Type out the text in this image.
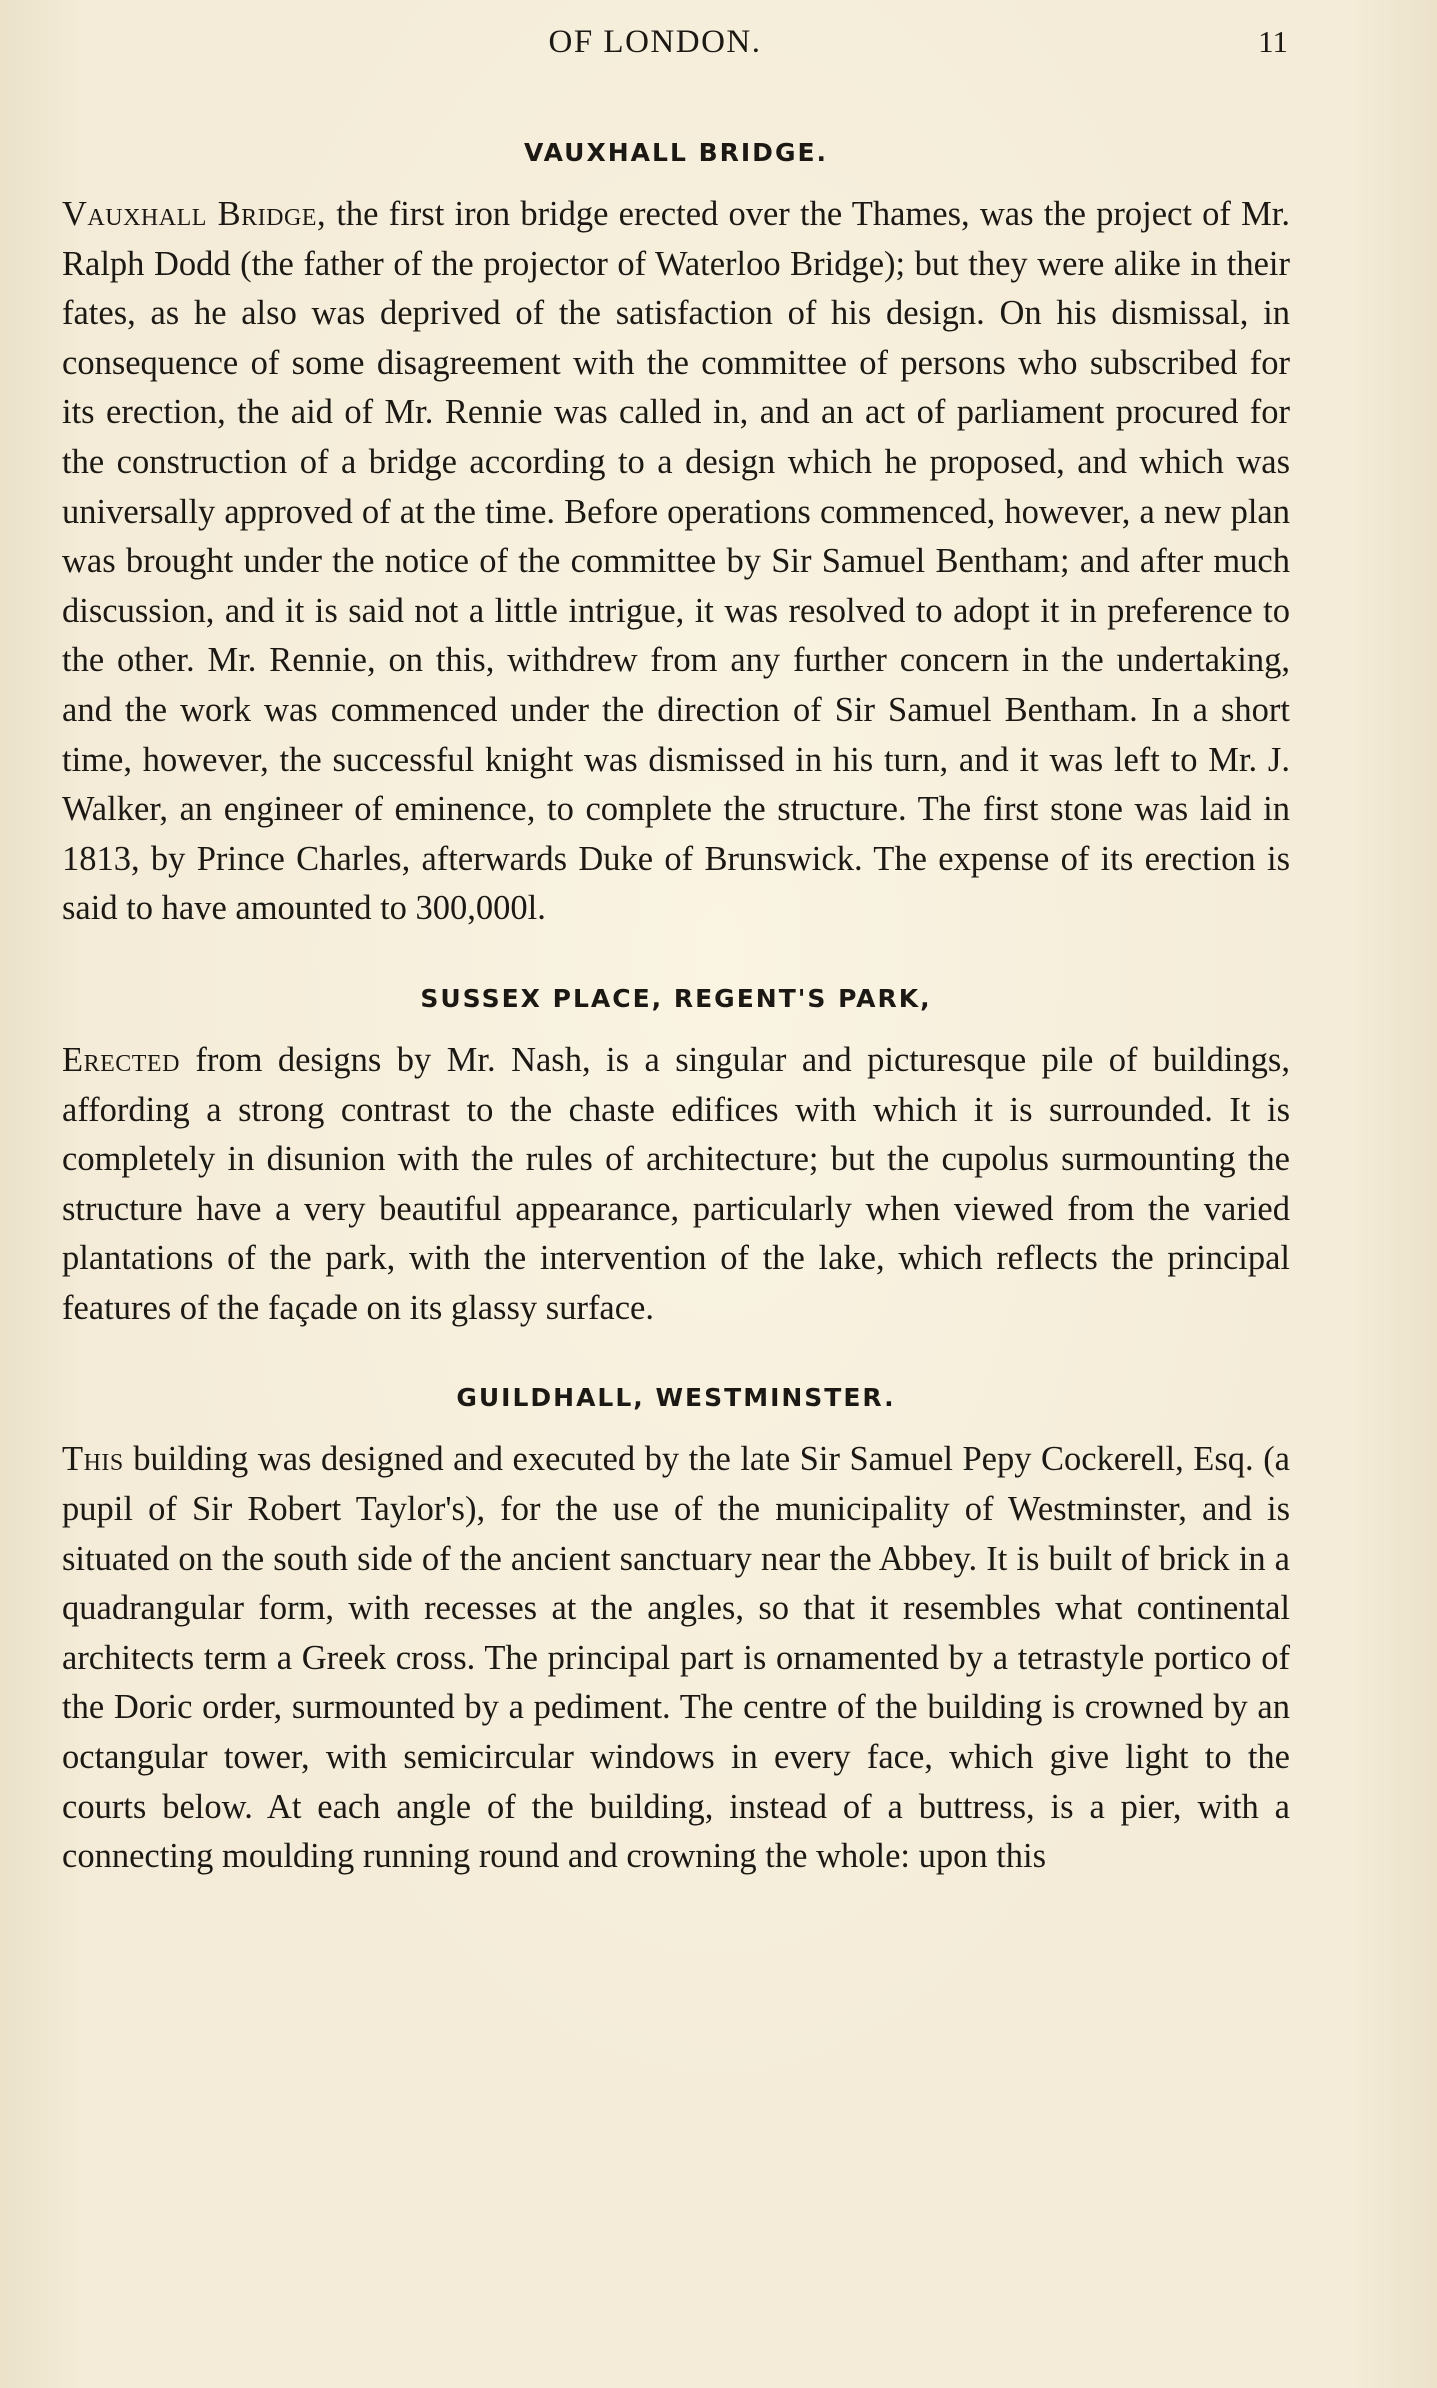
OF LONDON.	11
VAUXHALL BRIDGE.

Vauxhall Bridge, the first iron bridge erected over the Thames, was the project of Mr. Ralph Dodd (the father of the projector of Waterloo Bridge); but they were alike in their fates, as he also was deprived of the satisfaction of his design. On his dismissal, in consequence of some disagreement with the committee of persons who subscribed for its erection, the aid of Mr. Rennie was called in, and an act of parliament procured for the construction of a bridge according to a design which he proposed, and which was universally approved of at the time. Before operations commenced, however, a new plan was brought under the notice of the committee by Sir Samuel Bentham; and after much discussion, and it is said not a little intrigue, it was resolved to adopt it in preference to the other. Mr. Rennie, on this, withdrew from any further concern in the undertaking, and the work was commenced under the direction of Sir Samuel Bentham. In a short time, however, the successful knight was dismissed in his turn, and it was left to Mr. J. Walker, an engineer of eminence, to complete the structure. The first stone was laid in 1813, by Prince Charles, afterwards Duke of Brunswick. The expense of its erection is said to have amounted to 300,000l.

SUSSEX PLACE, REGENT'S PARK,

Erected from designs by Mr. Nash, is a singular and picturesque pile of buildings, affording a strong contrast to the chaste edifices with which it is surrounded. It is completely in disunion with the rules of architecture; but the cupolus surmounting the structure have a very beautiful appearance, particularly when viewed from the varied plantations of the park, with the intervention of the lake, which reflects the principal features of the façade on its glassy surface.

GUILDHALL, WESTMINSTER.

This building was designed and executed by the late Sir Samuel Pepy Cockerell, Esq. (a pupil of Sir Robert Taylor's), for the use of the municipality of Westminster, and is situated on the south side of the ancient sanctuary near the Abbey. It is built of brick in a quadrangular form, with recesses at the angles, so that it resembles what continental architects term a Greek cross. The principal part is ornamented by a tetrastyle portico of the Doric order, surmounted by a pediment. The centre of the building is crowned by an octangular tower, with semicircular windows in every face, which give light to the courts below. At each angle of the building, instead of a buttress, is a pier, with a connecting moulding running round and crowning the whole: upon this
